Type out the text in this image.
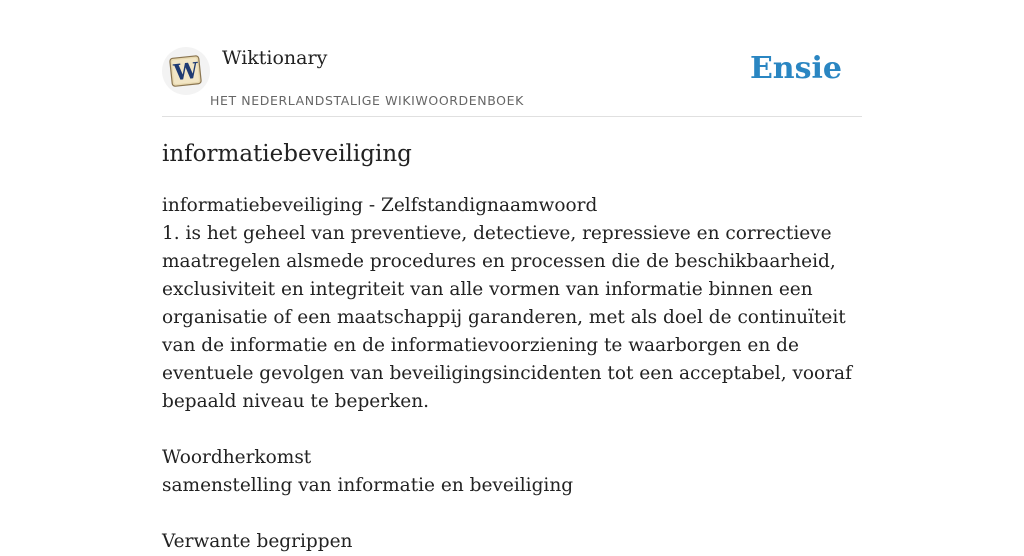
W Wiktionary
HET NEDERLANDSTALIGE WIKIWOORDENBOEK
Ensie
informatiebeveiliging

informatiebeveiliging - Zelfstandignaamwoord

1. is het geheel van preventieve, detectieve, repressieve en correctieve maatregelen alsmede procedures en processen die de beschikbaarheid, exclusiviteit en integriteit van alle vormen van informatie binnen een organisatie of een maatschappij garanderen, met als doel de continuïteit van de informatie en de informatievoorziening te waarborgen en de eventuele gevolgen van beveiligingsincidenten tot een acceptabel, vooraf bepaald niveau te beperken.

Woordherkomst

samenstelling van informatie en beveiliging

Verwante begrippen
